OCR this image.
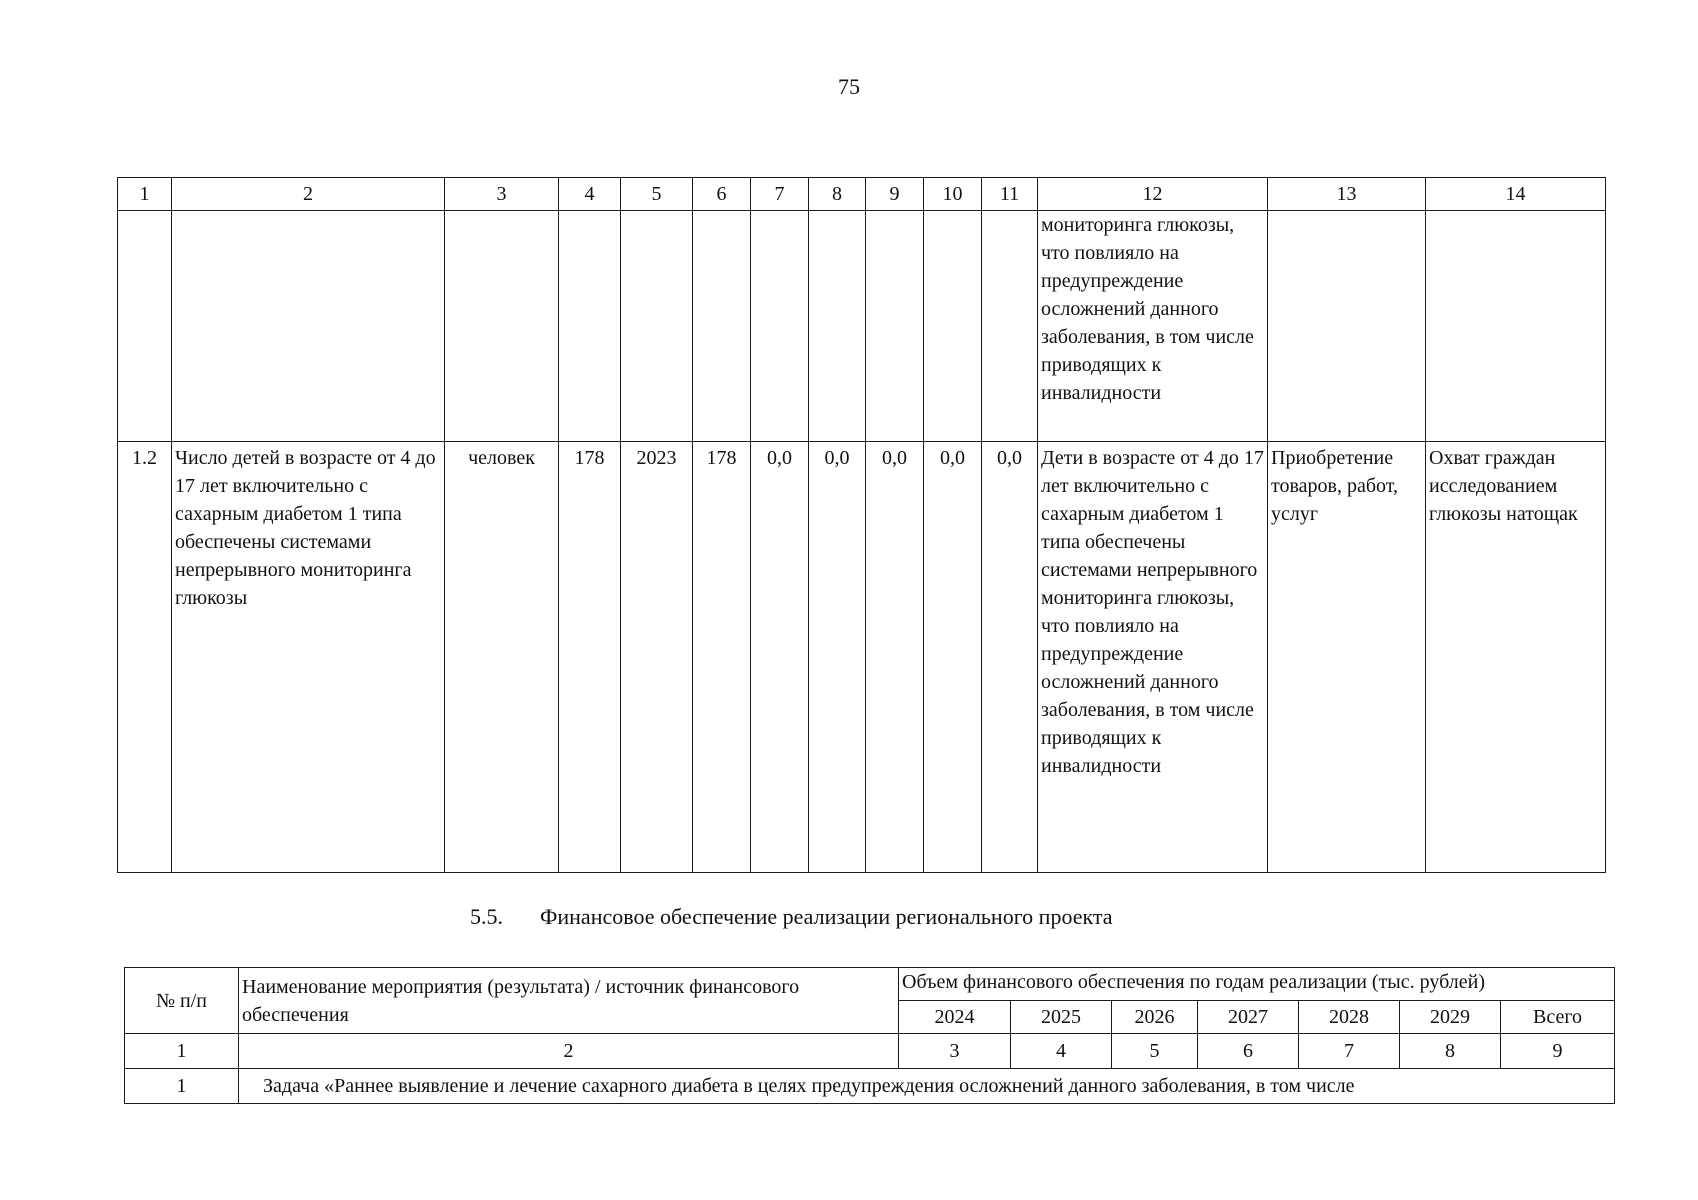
75
1	2	3	4	5	6	7	8	9	10	11	12	13	14
											мониторинга глюкозы, что повлияло на предупреждение осложнений данного заболевания, в том числе приводящих к инвалидности		
1.2	Число детей в возрасте от 4 до 17 лет включительно с сахарным диабетом 1 типа обеспечены системами непрерывного мониторинга глюкозы	человек	178	2023	178	0,0	0,0	0,0	0,0	0,0	Дети в возрасте от 4 до 17 лет включительно с сахарным диабетом 1 типа обеспечены системами непрерывного мониторинга глюкозы, что повлияло на предупреждение осложнений данного заболевания, в том числе приводящих к инвалидности	Приобретение товаров, работ, услуг	Охват граждан исследованием глюкозы натощак
5.5. Финансовое обеспечение реализации регионального проекта
№ п/п	Наименование мероприятия (результата) / источник финансового обеспечения	Объем финансового обеспечения по годам реализации (тыс. рублей)						
		2024	2025	2026	2027	2028	2029	Всего
1	2	3	4	5	6	7	8	9
1	Задача «Раннее выявление и лечение сахарного диабета в целях предупреждения осложнений данного заболевания, в том числе							
